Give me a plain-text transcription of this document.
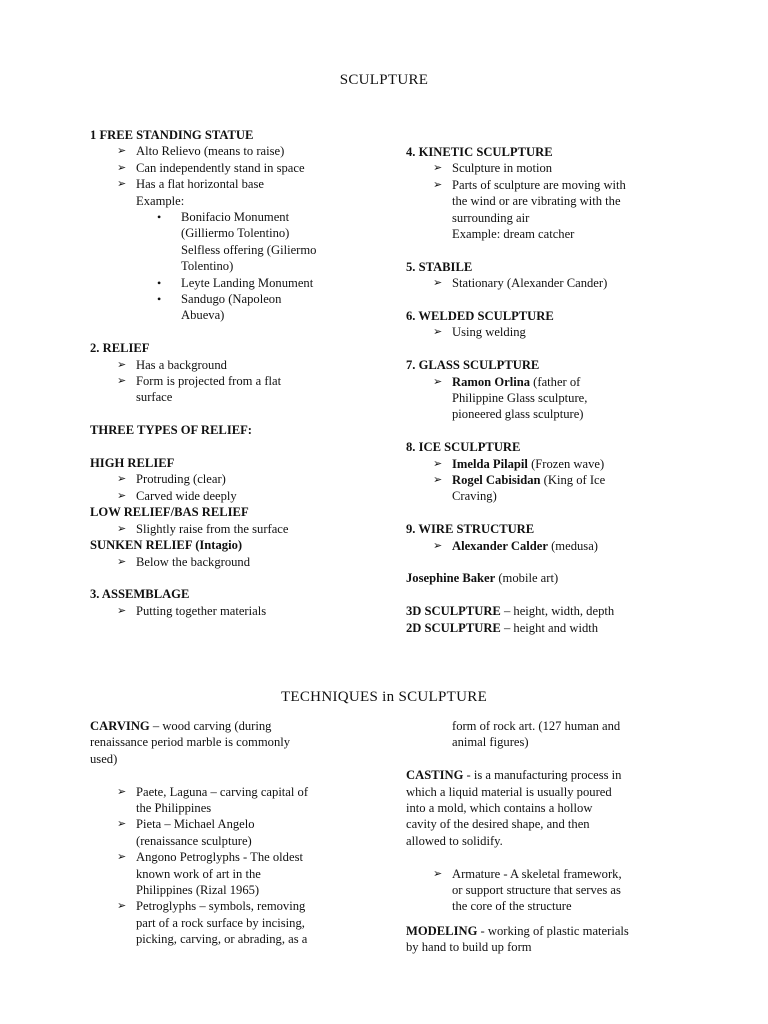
SCULPTURE
1 FREE STANDING STATUE
➢ Alto Relievo (means to raise)
➢ Can independently stand in space
➢ Has a flat horizontal base
Example:
• Bonifacio Monument
(Gilliermo Tolentino)
Selfless offering (Giliermo
Tolentino)
• Leyte Landing Monument
• Sandugo (Napoleon
Abueva)
2. RELIEF
➢ Has a background
➢ Form is projected from a flat
surface
THREE TYPES OF RELIEF:
HIGH RELIEF
➢ Protruding (clear)
➢ Carved wide deeply
LOW RELIEF/BAS RELIEF
➢ Slightly raise from the surface
SUNKEN RELIEF (Intagio)
➢ Below the background
3. ASSEMBLAGE
➢ Putting together materials
4. KINETIC SCULPTURE
➢ Sculpture in motion
➢ Parts of sculpture are moving with
the wind or are vibrating with the
surrounding air
Example: dream catcher
5. STABILE
➢ Stationary (Alexander Cander)
6. WELDED SCULPTURE
➢ Using welding
7. GLASS SCULPTURE
➢ Ramon Orlina (father of
Philippine Glass sculpture,
pioneered glass sculpture)
8. ICE SCULPTURE
➢ Imelda Pilapil (Frozen wave)
➢ Rogel Cabisidan (King of Ice
Craving)
9. WIRE STRUCTURE
➢ Alexander Calder (medusa)
Josephine Baker (mobile art)
3D SCULPTURE – height, width, depth
2D SCULPTURE – height and width
TECHNIQUES in SCULPTURE
CARVING – wood carving (during
renaissance period marble is commonly
used)
➢ Paete, Laguna – carving capital of
the Philippines
➢ Pieta – Michael Angelo
(renaissance sculpture)
➢ Angono Petroglyphs - The oldest
known work of art in the
Philippines (Rizal 1965)
➢ Petroglyphs – symbols, removing
part of a rock surface by incising,
picking, carving, or abrading, as a
form of rock art. (127 human and
animal figures)
CASTING - is a manufacturing process in
which a liquid material is usually poured
into a mold, which contains a hollow
cavity of the desired shape, and then
allowed to solidify.
➢ Armature - A skeletal framework,
or support structure that serves as
the core of the structure
MODELING - working of plastic materials
by hand to build up form
